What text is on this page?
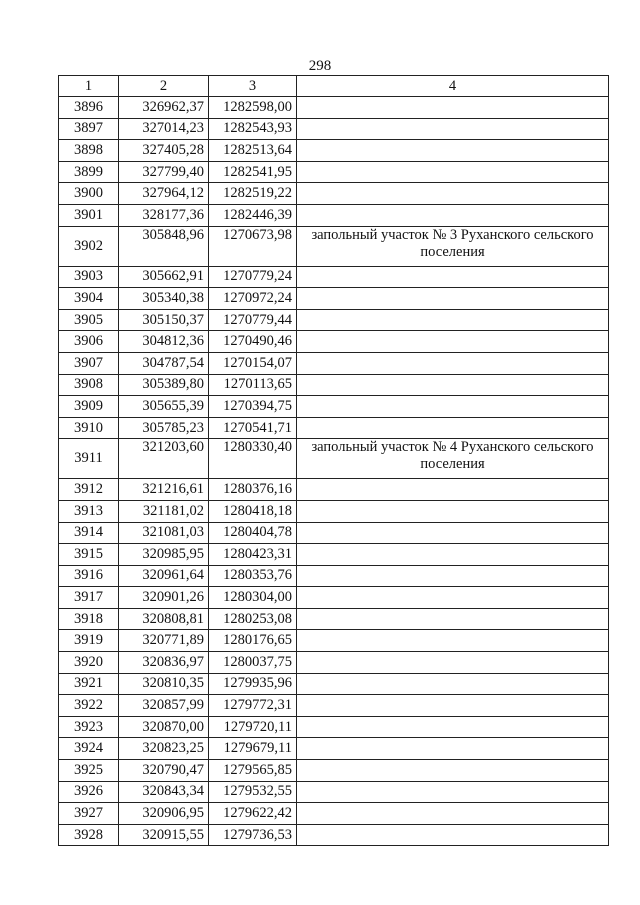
298
1	2	3	4
3896	326962,37	1282598,00	
3897	327014,23	1282543,93	
3898	327405,28	1282513,64	
3899	327799,40	1282541,95	
3900	327964,12	1282519,22	
3901	328177,36	1282446,39	
3902	305848,96	1270673,98	запольный участок № 3 Руханского сельского поселения
3903	305662,91	1270779,24	
3904	305340,38	1270972,24	
3905	305150,37	1270779,44	
3906	304812,36	1270490,46	
3907	304787,54	1270154,07	
3908	305389,80	1270113,65	
3909	305655,39	1270394,75	
3910	305785,23	1270541,71	
3911	321203,60	1280330,40	запольный участок № 4 Руханского сельского поселения
3912	321216,61	1280376,16	
3913	321181,02	1280418,18	
3914	321081,03	1280404,78	
3915	320985,95	1280423,31	
3916	320961,64	1280353,76	
3917	320901,26	1280304,00	
3918	320808,81	1280253,08	
3919	320771,89	1280176,65	
3920	320836,97	1280037,75	
3921	320810,35	1279935,96	
3922	320857,99	1279772,31	
3923	320870,00	1279720,11	
3924	320823,25	1279679,11	
3925	320790,47	1279565,85	
3926	320843,34	1279532,55	
3927	320906,95	1279622,42	
3928	320915,55	1279736,53	
